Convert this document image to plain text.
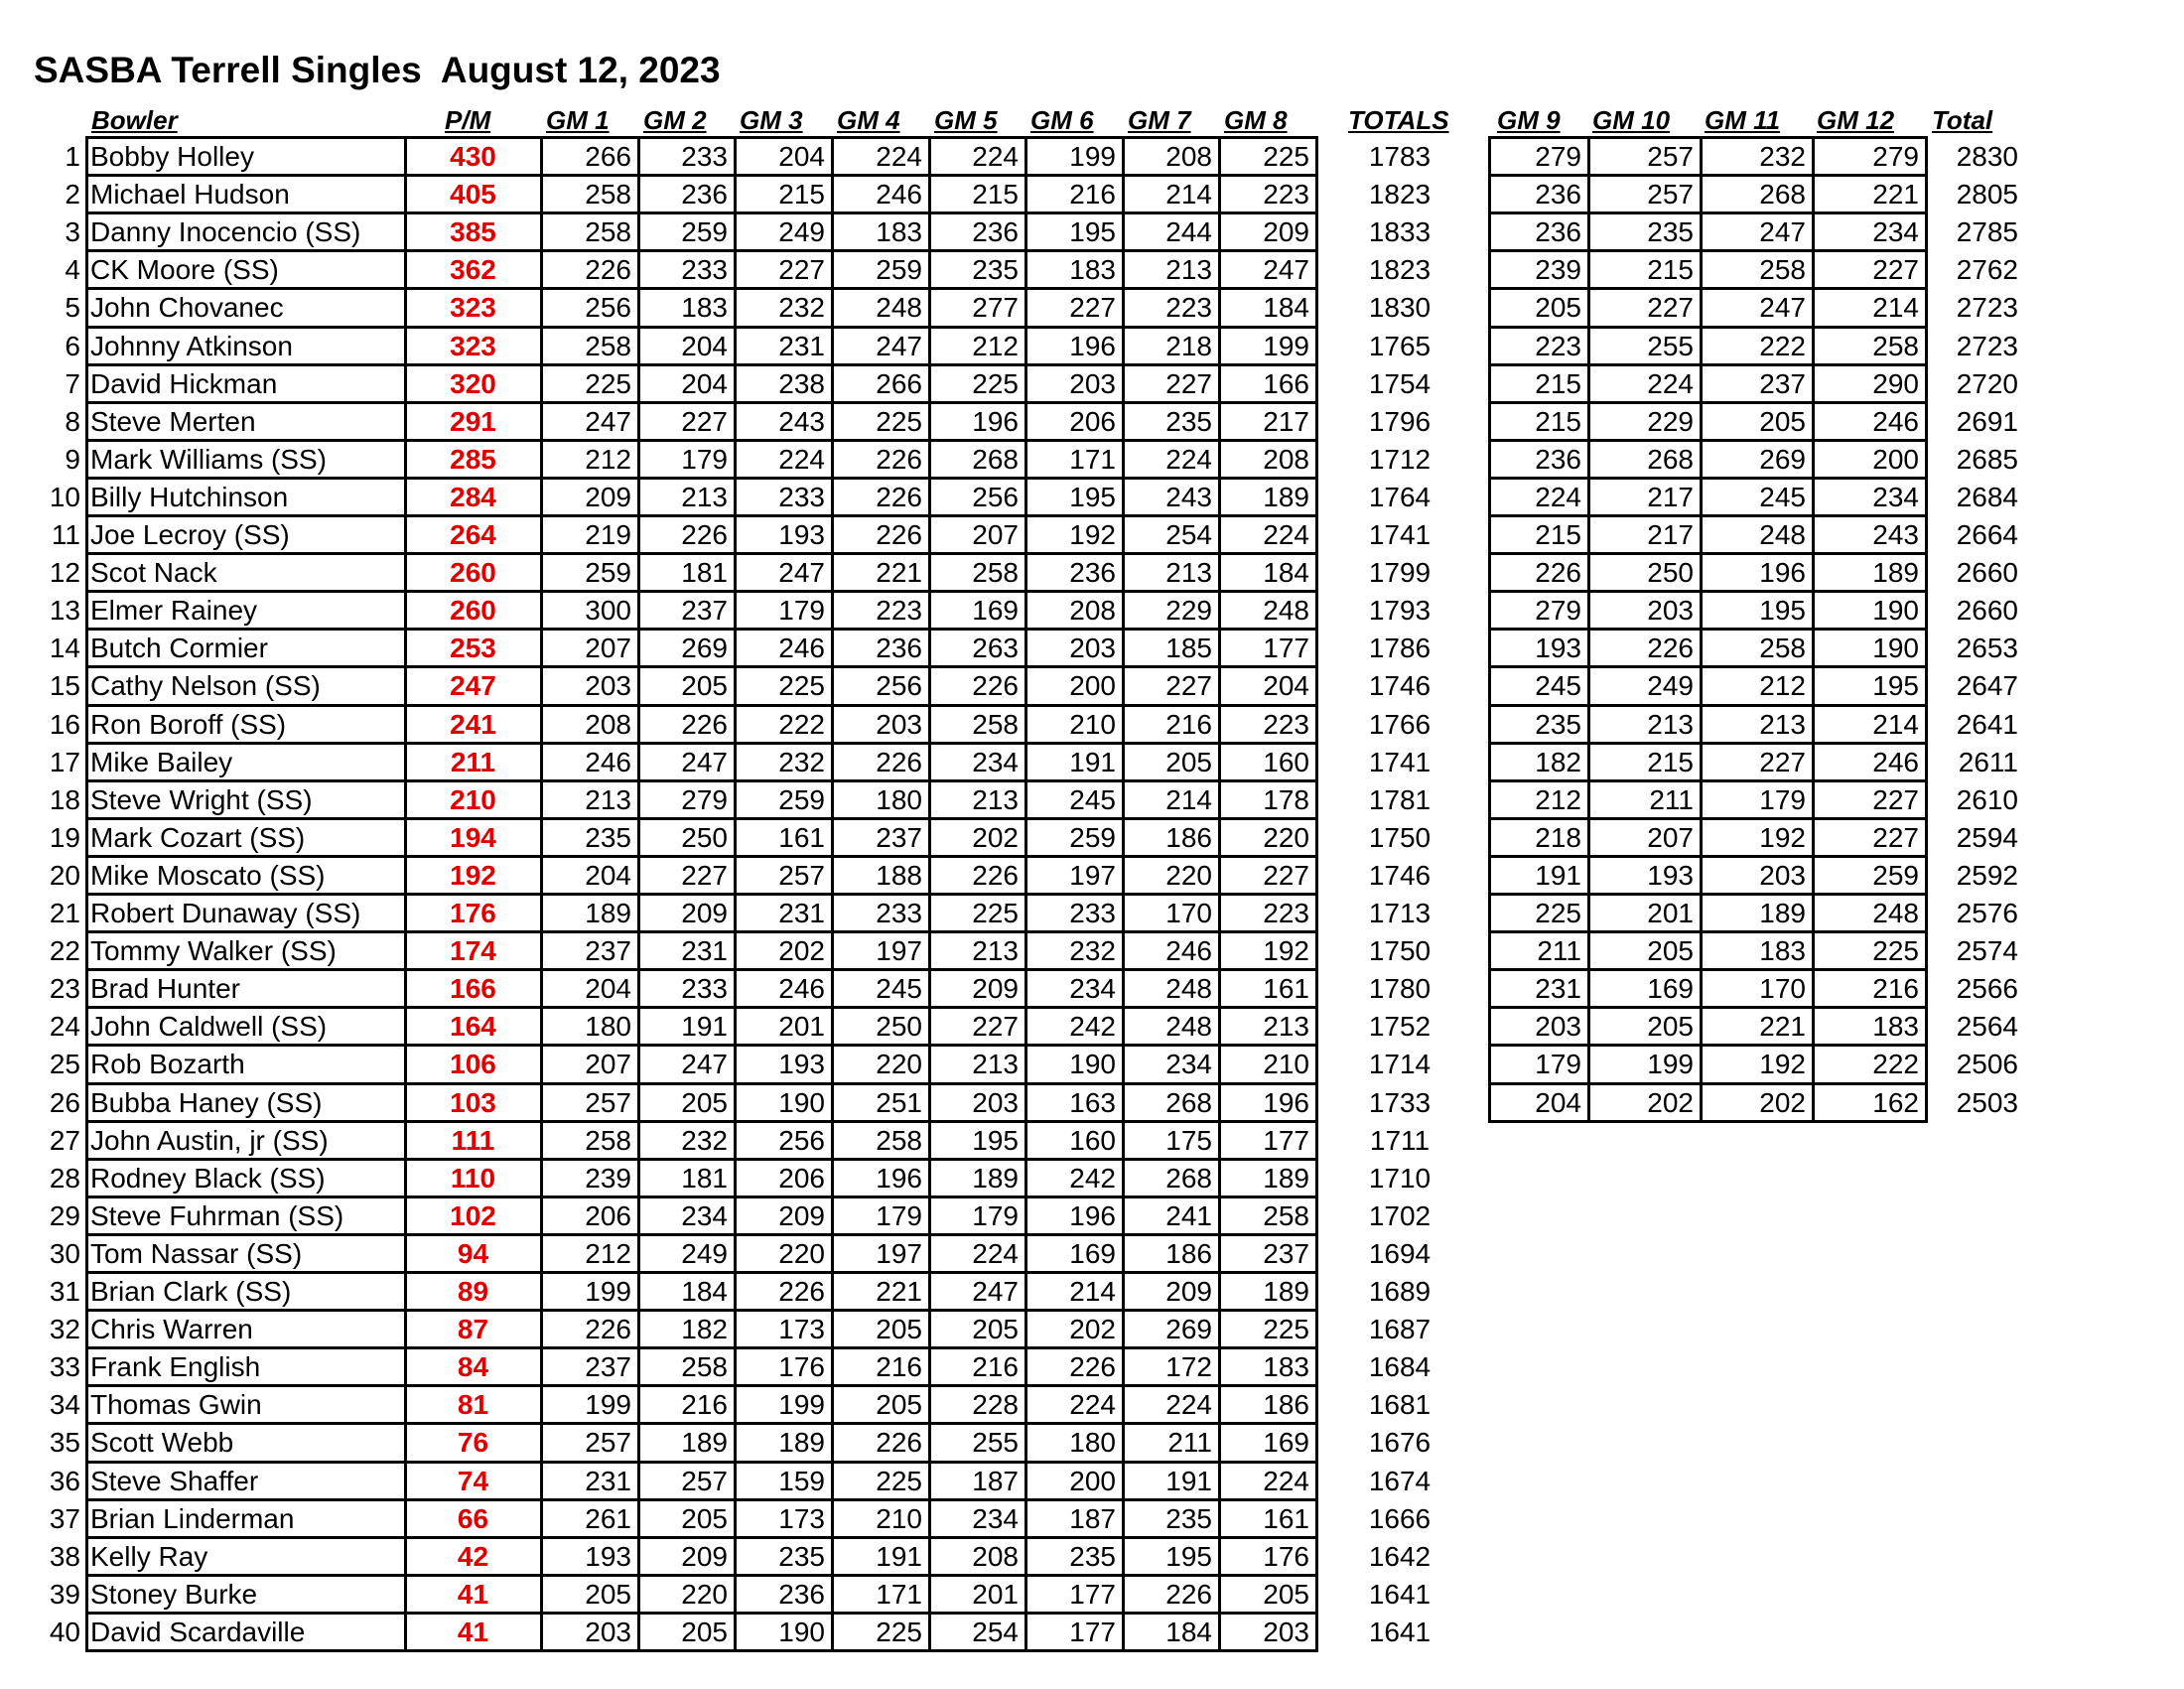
SASBA Terrell Singles  August 12, 2023
Bowler	P/M	GM 1	GM 2	GM 3	GM 4	GM 5	GM 6	GM 7	GM 8	TOTALS	GM 9	GM 10	GM 11	GM 12	Total
1 Bobby Holley	430	266	233	204	224	224	199	208	225	1783	279	257	232	279	2830
2 Michael Hudson	405	258	236	215	246	215	216	214	223	1823	236	257	268	221	2805
3 Danny Inocencio (SS)	385	258	259	249	183	236	195	244	209	1833	236	235	247	234	2785
4 CK Moore (SS)	362	226	233	227	259	235	183	213	247	1823	239	215	258	227	2762
5 John Chovanec	323	256	183	232	248	277	227	223	184	1830	205	227	247	214	2723
6 Johnny Atkinson	323	258	204	231	247	212	196	218	199	1765	223	255	222	258	2723
7 David Hickman	320	225	204	238	266	225	203	227	166	1754	215	224	237	290	2720
8 Steve Merten	291	247	227	243	225	196	206	235	217	1796	215	229	205	246	2691
9 Mark Williams (SS)	285	212	179	224	226	268	171	224	208	1712	236	268	269	200	2685
10 Billy Hutchinson	284	209	213	233	226	256	195	243	189	1764	224	217	245	234	2684
11 Joe Lecroy (SS)	264	219	226	193	226	207	192	254	224	1741	215	217	248	243	2664
12 Scot Nack	260	259	181	247	221	258	236	213	184	1799	226	250	196	189	2660
13 Elmer Rainey	260	300	237	179	223	169	208	229	248	1793	279	203	195	190	2660
14 Butch Cormier	253	207	269	246	236	263	203	185	177	1786	193	226	258	190	2653
15 Cathy Nelson (SS)	247	203	205	225	256	226	200	227	204	1746	245	249	212	195	2647
16 Ron Boroff (SS)	241	208	226	222	203	258	210	216	223	1766	235	213	213	214	2641
17 Mike Bailey	211	246	247	232	226	234	191	205	160	1741	182	215	227	246	2611
18 Steve Wright (SS)	210	213	279	259	180	213	245	214	178	1781	212	211	179	227	2610
19 Mark Cozart (SS)	194	235	250	161	237	202	259	186	220	1750	218	207	192	227	2594
20 Mike Moscato (SS)	192	204	227	257	188	226	197	220	227	1746	191	193	203	259	2592
21 Robert Dunaway (SS)	176	189	209	231	233	225	233	170	223	1713	225	201	189	248	2576
22 Tommy Walker (SS)	174	237	231	202	197	213	232	246	192	1750	211	205	183	225	2574
23 Brad Hunter	166	204	233	246	245	209	234	248	161	1780	231	169	170	216	2566
24 John Caldwell (SS)	164	180	191	201	250	227	242	248	213	1752	203	205	221	183	2564
25 Rob Bozarth	106	207	247	193	220	213	190	234	210	1714	179	199	192	222	2506
26 Bubba Haney (SS)	103	257	205	190	251	203	163	268	196	1733	204	202	202	162	2503
27 John Austin, jr (SS)	111	258	232	256	258	195	160	175	177	1711
28 Rodney Black (SS)	110	239	181	206	196	189	242	268	189	1710
29 Steve Fuhrman (SS)	102	206	234	209	179	179	196	241	258	1702
30 Tom Nassar (SS)	94	212	249	220	197	224	169	186	237	1694
31 Brian Clark (SS)	89	199	184	226	221	247	214	209	189	1689
32 Chris Warren	87	226	182	173	205	205	202	269	225	1687
33 Frank English	84	237	258	176	216	216	226	172	183	1684
34 Thomas Gwin	81	199	216	199	205	228	224	224	186	1681
35 Scott Webb	76	257	189	189	226	255	180	211	169	1676
36 Steve Shaffer	74	231	257	159	225	187	200	191	224	1674
37 Brian Linderman	66	261	205	173	210	234	187	235	161	1666
38 Kelly Ray	42	193	209	235	191	208	235	195	176	1642
39 Stoney Burke	41	205	220	236	171	201	177	226	205	1641
40 David Scardaville	41	203	205	190	225	254	177	184	203	1641
